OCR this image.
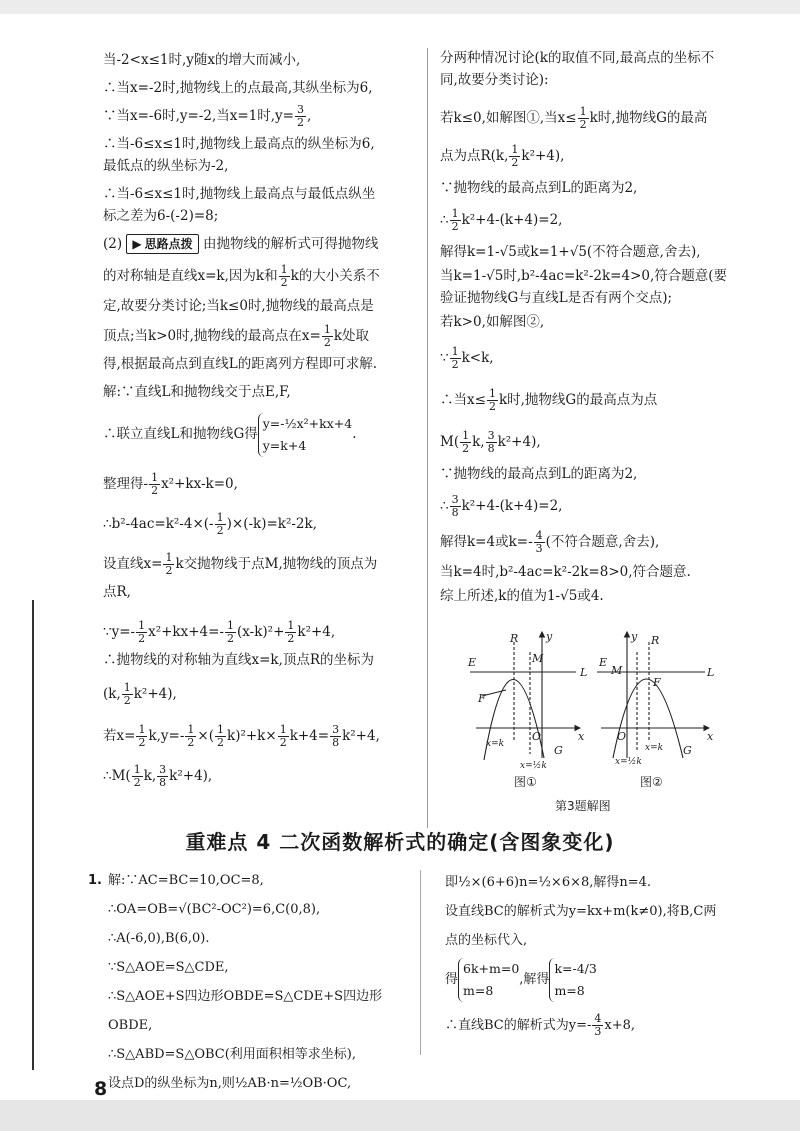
当-2<x≤1时,y随x的增大而减小,
∴当x=-2时,抛物线上的点最高,其纵坐标为6,
∵当x=-6时,y=-2,当x=1时$,y= \frac{3}{2}$ ,
∴当-6≤x≤1时,抛物线上最高点的纵坐标为6,
最低点的纵坐标为-2,
∴当-6≤x≤1时,抛物线上最高点与最低点纵坐
标之差为6-(-2)=8;
(2) ▶ 思路点拨 由抛物线的解析式可得抛物线
的对称轴是直线x=k,因为k和 $\frac{1}{2}$ k的大小关系不
定,故要分类讨论;当k≤0时,抛物线的最高点是
顶点;当k>0时,抛物线的最高点在$x= \frac{1}{2}$ k处取
得,根据最高点到直线L的距离列方程即可求解.
解:∵直线L和抛物线交于点E,F,
∴联立直线L和抛物线G得
y=-½x²+kx+4
y=k+4
.
整理得- $\frac{1}{2} x^2+kx-k=0$,
∴b²-4ac=k²-4×(- $\frac{1}{2} )\times(-k)=k^2-2k$,
设直线$x= \frac{1}{2}$ k交抛物线于点M,抛物线的顶点为
点R,
∵y=- $\frac{1}{2} x^2+kx+4=- \frac{1}{2} (x-k)^2+ \frac{1}{2} k^2+4$,
∴抛物线的对称轴为直线x=k,顶点R的坐标为
(k, $\frac{1}{2} k^2+4$),
若$x= \frac{1}{2} k,y=- \frac{1}{2}$ ×( $\frac{1}{2} k)^2+k\times \frac{1}{2} k+4= \frac{3}{8} k^2+4$,
∴M( $\frac{1}{2} k$, $\frac{3}{8} k^2+4$),
分两种情况讨论(k的取值不同,最高点的坐标不
同,故要分类讨论):
若k≤0,如解图①,当$x\le \frac{1}{2}$ k时,抛物线G的最高
点为点R(k, $\frac{1}{2} k^2+4$),
∵抛物线的最高点到L的距离为2,
∴ $\frac{1}{2} k^2+4-(k+4)=2$,
解得k=1-√5或k=1+√5(不符合题意,舍去),
当k=1-√5时,b²-4ac=k²-2k=4>0,符合题意(要
验证抛物线G与直线L是否有两个交点);
若k>0,如解图②,
∵ $\frac{1}{2} k<k$,
∴当$x\le \frac{1}{2}$ k时,抛物线G的最高点为点
$M( \frac{1}{2} k$, $\frac{3}{8} k^2+4$),
∵抛物线的最高点到L的距离为2,
∴ $\frac{3}{8} k^2+4-(k+4)=2$,
解得k=4或$k=- \frac{4}{3}$ (不符合题意,舍去),
当k=4时,b²-4ac=k²-2k=8>0,符合题意.
综上所述,k的值为1-√5或4.
E
R
M
F
L
y
O	x
G
x=k
x=½k
E
M
R
F
L
y
O	x
G
x=k
x=½k
图①	图②
第3题解图
重难点 4 二次函数解析式的确定(含图象变化)
1. 解:∵AC=BC=10,OC=8,
∴OA=OB=√(BC²-OC²)=6,C(0,8),
∴A(-6,0),B(6,0).
∵S△AOE=S△CDE,
∴S△AOE+S四边形OBDE=S△CDE+S四边形OBDE,
∴S△ABD=S△OBC(利用面积相等求坐标),
设点D的纵坐标为n,则½AB·n=½OB·OC,
即½×(6+6)n=½×6×8,解得n=4.
设直线BC的解析式为y=kx+m(k≠0),将B,C两
点的坐标代入,
得
6k+m=0
m=8
,解得
k=-4/3
m=8
∴直线BC的解析式为$y=- \frac{4}{3} x+8$,
8
